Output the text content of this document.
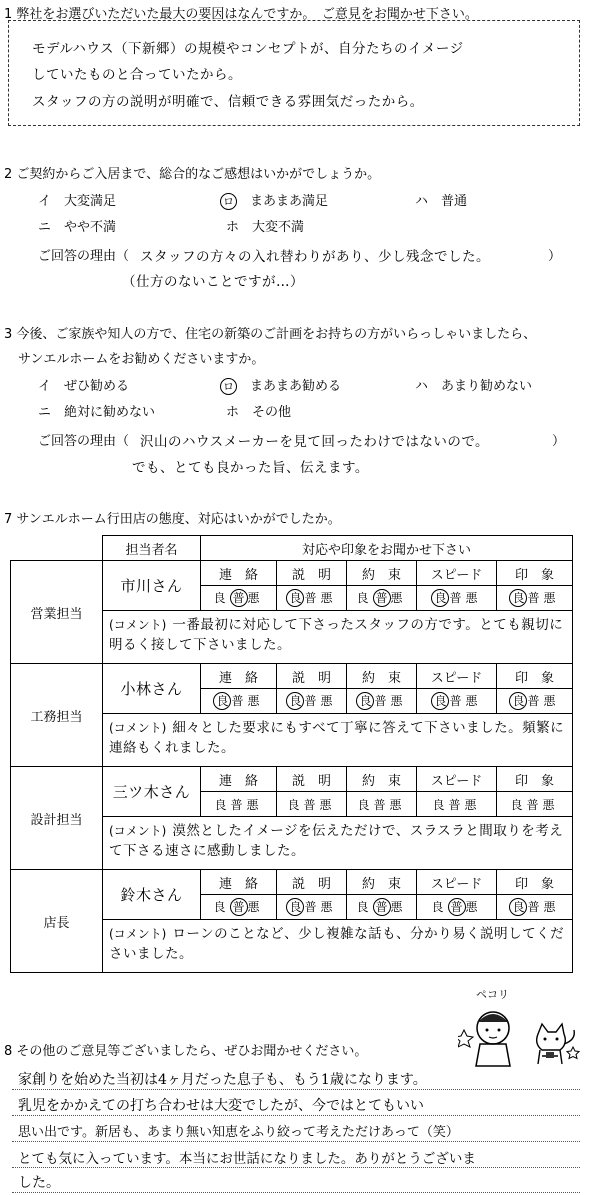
1 弊社をお選びいただいた最大の要因はなんですか。　ご意見をお聞かせ下さい。
モデルハウス（下新郷）の規模やコンセプトが、自分たちのイメージ
していたものと合っていたから。
スタッフの方の説明が明確で、信頼できる雰囲気だったから。
2 ご契約からご入居まで、総合的なご感想はいかがでしょうか。
イ　 大変満足	ロ　 まあまあ満足	ハ　 普通
ニ　 やや不満	ホ　 大変不満
ご回答の理由（ スタッフの方々の入れ替わりがあり、少し残念でした。	）
（仕方のないことですが…）
3 今後、ご家族や知人の方で、住宅の新築のご計画をお持ちの方がいらっしゃいましたら、
サンエルホームをお勧めくださいますか。
イ　 ぜひ勧める	ロ　 まあまあ勧める	ハ　 あまり勧めない
ニ　 絶対に勧めない	ホ　 その他
ご回答の理由（ 沢山のハウスメーカーを見て回ったわけではないので。	）
でも、とても良かった旨、伝えます。
7 サンエルホーム行田店の態度、対応はいかがでしたか。
	担当者名	対応や印象をお聞かせ下さい				
営業担当	市川さん	連　絡	説　明	約　束	スピード	印　象
		良 普 悪	良 普悪	良 普 悪	良 普悪	良 普悪
	(コメント) 一番最初に対応して下さったスタッフの方です。とても親切に明るく接して下さいました。					
工務担当	小林さん	連　絡	説　明	約　束	スピード	印　象
		良 普悪	良 普悪	良 普悪	良 普悪	良 普悪
	(コメント) 細々とした要求にもすべて丁寧に答えて下さいました。頻繁に連絡もくれました。					
設計担当	三ツ木さん	連　絡	説　明	約　束	スピード	印　象
		良普悪	良普悪	良普悪	良普悪	良普悪
	(コメント) 漠然としたイメージを伝えただけで、スラスラと間取りを考えて下さる速さに感動しました。					
店長	鈴木さん	連　絡	説　明	約　束	スピード	印　象
		良 普 悪	良 普悪	良 普 悪	良 普 悪	良 普悪
	(コメント) ローンのことなど、少し複雑な話も、分かり易く説明してくださいました。					
8 その他のご意見等ございましたら、ぜひお聞かせください。
家創りを始めた当初は4ヶ月だった息子も、もう1歳になります。
乳児をかかえての打ち合わせは大変でしたが、今ではとてもいい
思い出です。新居も、あまり無い知恵をふり絞って考えただけあって（笑）
とても気に入っています。本当にお世話になりました。ありがとうございま
した。
ペコリ
